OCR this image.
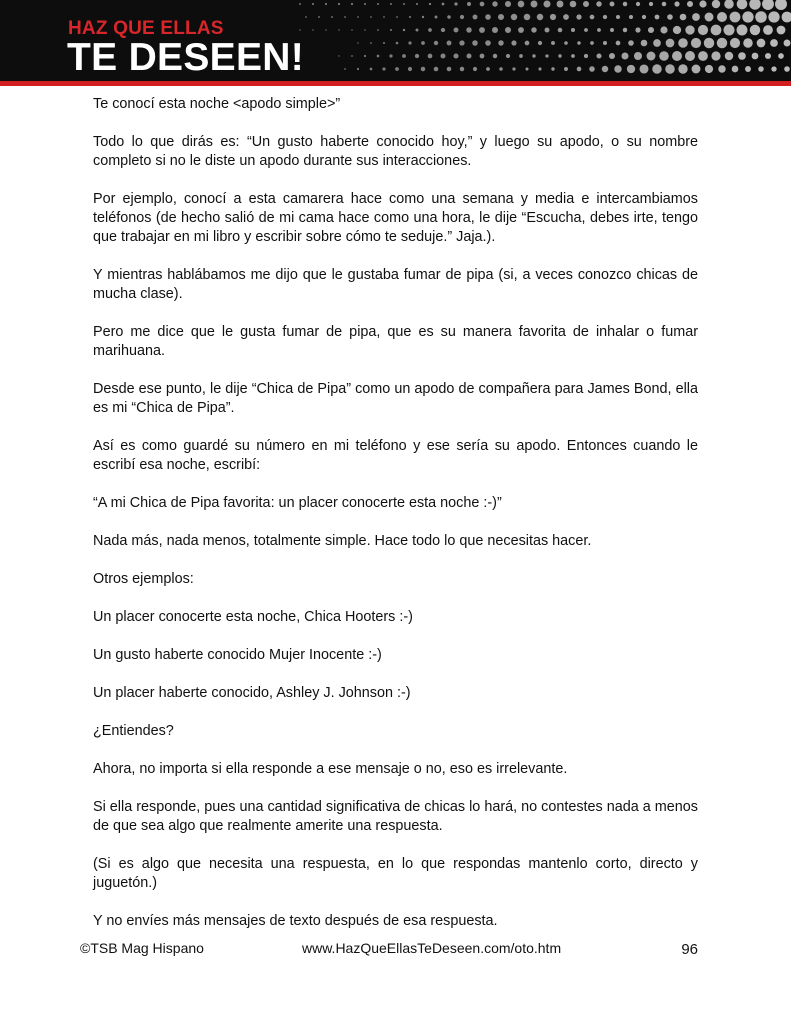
HAZ QUE ELLAS
TE DESEEN!

Te conocí esta noche <apodo simple>”

Todo lo que dirás es: “Un gusto haberte conocido hoy,” y luego su apodo, o su nombre completo si no le diste un apodo durante sus interacciones.

Por ejemplo, conocí a esta camarera hace como una semana y media e intercambiamos teléfonos (de hecho salió de mi cama hace como una hora, le dije “Escucha, debes irte, tengo que trabajar en mi libro y escribir sobre cómo te seduje.” Jaja.).

Y mientras hablábamos me dijo que le gustaba fumar de pipa (si, a veces conozco chicas de mucha clase).

Pero me dice que le gusta fumar de pipa, que es su manera favorita de inhalar o fumar marihuana.

Desde ese punto, le dije “Chica de Pipa” como un apodo de compañera para James Bond, ella es mi “Chica de Pipa”.

Así es como guardé su número en mi teléfono y ese sería su apodo. Entonces cuando le escribí esa noche, escribí:

“A mi Chica de Pipa favorita: un placer conocerte esta noche :-)”

Nada más, nada menos, totalmente simple. Hace todo lo que necesitas hacer.

Otros ejemplos:

Un placer conocerte esta noche, Chica Hooters :-)

Un gusto haberte conocido Mujer Inocente :-)

Un placer haberte conocido, Ashley J. Johnson :-)

¿Entiendes?

Ahora, no importa si ella responde a ese mensaje o no, eso es irrelevante.

Si ella responde, pues una cantidad significativa de chicas lo hará, no contestes nada a menos de que sea algo que realmente amerite una respuesta.

(Si es algo que necesita una respuesta, en lo que respondas mantenlo corto, directo y juguetón.)

Y no envíes más mensajes de texto después de esa respuesta.

©TSB Mag Hispano	www.HazQueEllasTeDeseen.com/oto.htm	96
